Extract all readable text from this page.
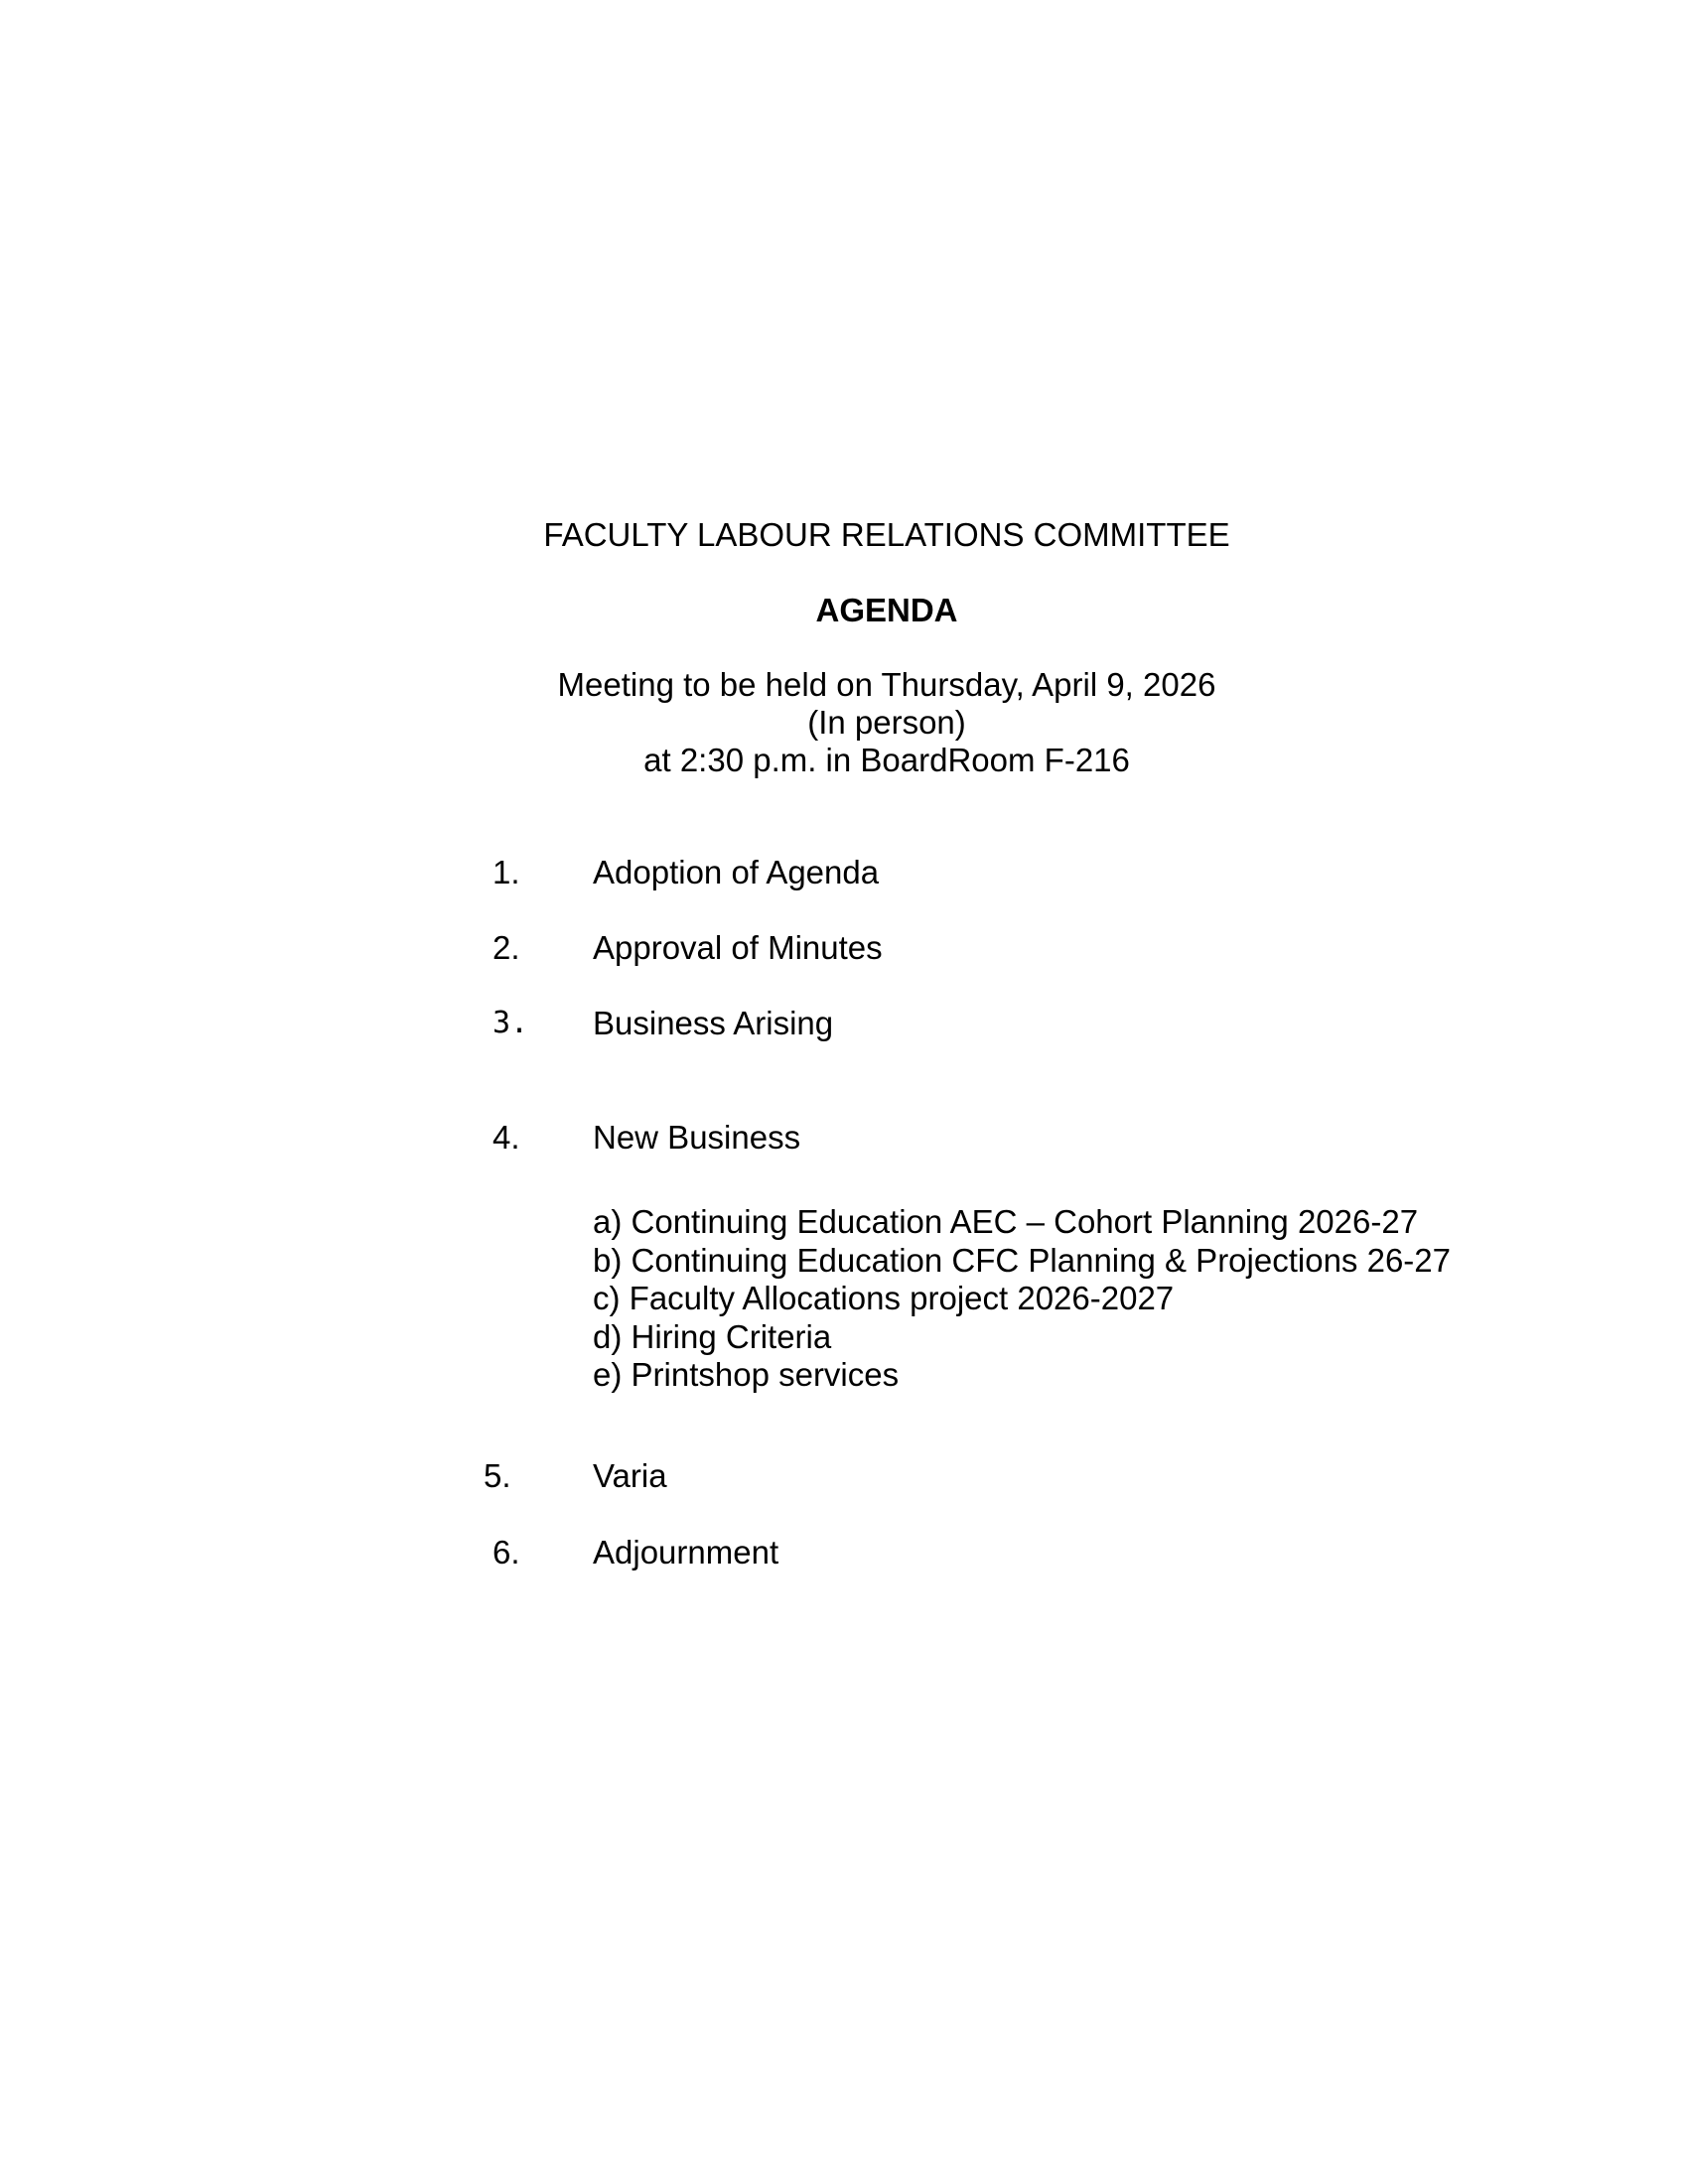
FACULTY LABOUR RELATIONS COMMITTEE
AGENDA
Meeting to be held on Thursday, April 9, 2026
(In person)
at 2:30 p.m. in BoardRoom F-216
1. Adoption of Agenda
2. Approval of Minutes
3. Business Arising
4. New Business
a) Continuing Education AEC – Cohort Planning 2026-27
b) Continuing Education CFC Planning & Projections 26-27
c) Faculty Allocations project 2026-2027
d) Hiring Criteria
e) Printshop services
5. Varia
6. Adjournment
